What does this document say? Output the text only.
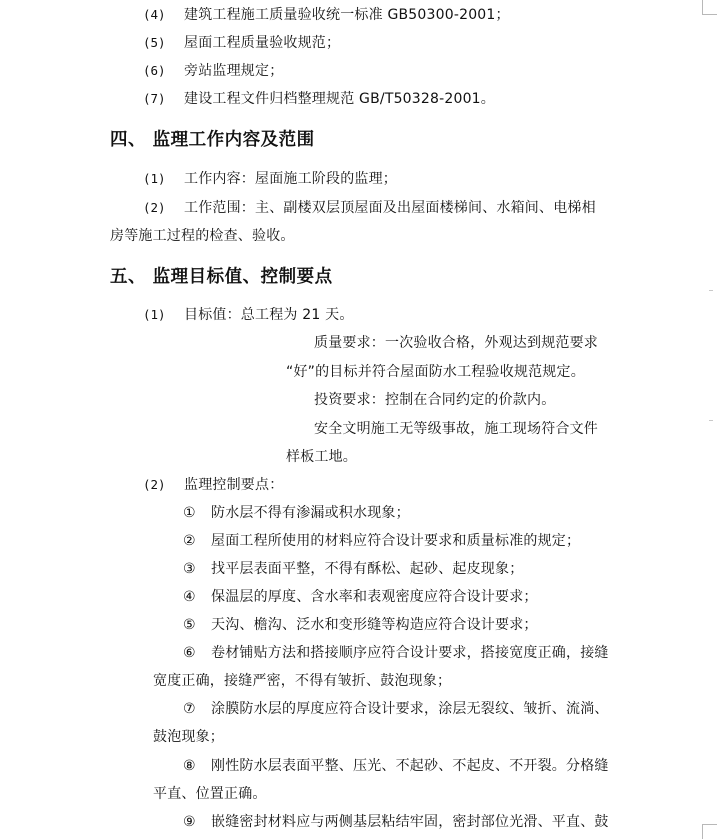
(4) 建筑工程施工质量验收统一标准 GB50300-2001；
(5) 屋面工程质量验收规范；
(6) 旁站监理规定；
(7) 建设工程文件归档整理规范 GB/T50328-2001。
四、 监理工作内容及范围
(1) 工作内容：屋面施工阶段的监理；
(2) 工作范围：主、副楼双层顶屋面及出屋面楼梯间、水箱间、电梯相
房等施工过程的检查、验收。
五、 监理目标值、控制要点
(1) 目标值：总工程为 21 天。
质量要求：一次验收合格，外观达到规范要求
“好”的目标并符合屋面防水工程验收规范规定。
投资要求：控制在合同约定的价款内。
安全文明施工无等级事故，施工现场符合文件
样板工地。
(2) 监理控制要点：
① 防水层不得有渗漏或积水现象；
② 屋面工程所使用的材料应符合设计要求和质量标准的规定；
③ 找平层表面平整，不得有酥松、起砂、起皮现象；
④ 保温层的厚度、含水率和表观密度应符合设计要求；
⑤ 天沟、檐沟、泛水和变形缝等构造应符合设计要求；
⑥ 卷材铺贴方法和搭接顺序应符合设计要求，搭接宽度正确，接缝
宽度正确，接缝严密，不得有皱折、鼓泡现象；
⑦ 涂膜防水层的厚度应符合设计要求，涂层无裂纹、皱折、流淌、
鼓泡现象；
⑧ 刚性防水层表面平整、压光、不起砂、不起皮、不开裂。分格缝
平直、位置正确。
⑨ 嵌缝密封材料应与两侧基层粘结牢固，密封部位光滑、平直、鼓
